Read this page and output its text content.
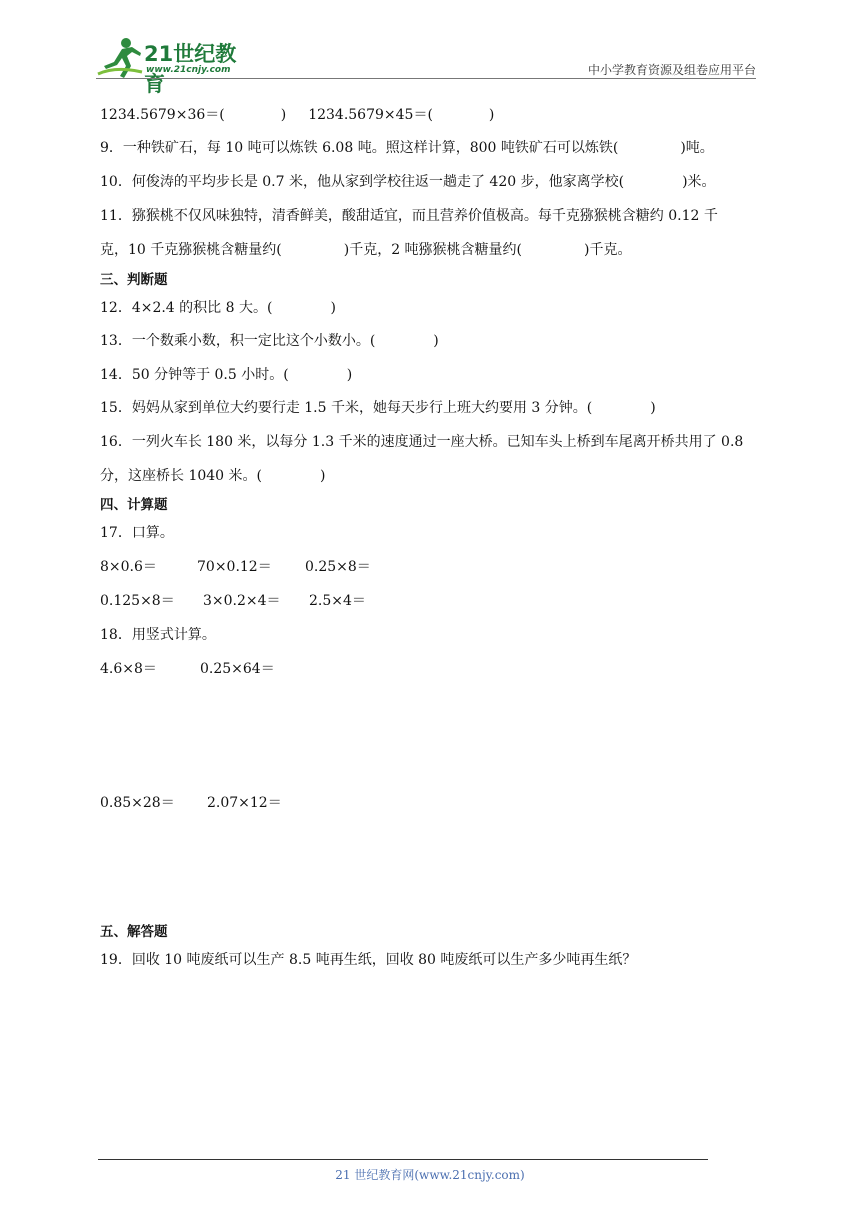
21世纪教育
www.21cnjy.com	中小学教育资源及组卷应用平台
1234.5679×36＝(	) 1234.5679×45＝(	)
9．一种铁矿石，每 10 吨可以炼铁 6.08 吨。照这样计算，800 吨铁矿石可以炼铁(	)吨。
10．何俊涛的平均步长是 0.7 米，他从家到学校往返一趟走了 420 步，他家离学校(	)米。
11．猕猴桃不仅风味独特，清香鲜美，酸甜适宜，而且营养价值极高。每千克猕猴桃含糖约 0.12 千
克，10 千克猕猴桃含糖量约(	)千克，2 吨猕猴桃含糖量约(	)千克。
三、判断题
12．4×2.4 的积比 8 大。(	)
13．一个数乘小数，积一定比这个小数小。(	)
14．50 分钟等于 0.5 小时。(	)
15．妈妈从家到单位大约要行走 1.5 千米，她每天步行上班大约要用 3 分钟。(	)
16．一列火车长 180 米，以每分 1.3 千米的速度通过一座大桥。已知车头上桥到车尾离开桥共用了 0.8
分，这座桥长 1040 米。(	)
四、计算题
17．口算。
8×0.6＝	70×0.12＝ 0.25×8＝
0.125×8＝ 3×0.2×4＝ 2.5×4＝
18．用竖式计算。
4.6×8＝	0.25×64＝
0.85×28＝ 2.07×12＝
五、解答题
19．回收 10 吨废纸可以生产 8.5 吨再生纸，回收 80 吨废纸可以生产多少吨再生纸？
21 世纪教育网(www.21cnjy.com)
